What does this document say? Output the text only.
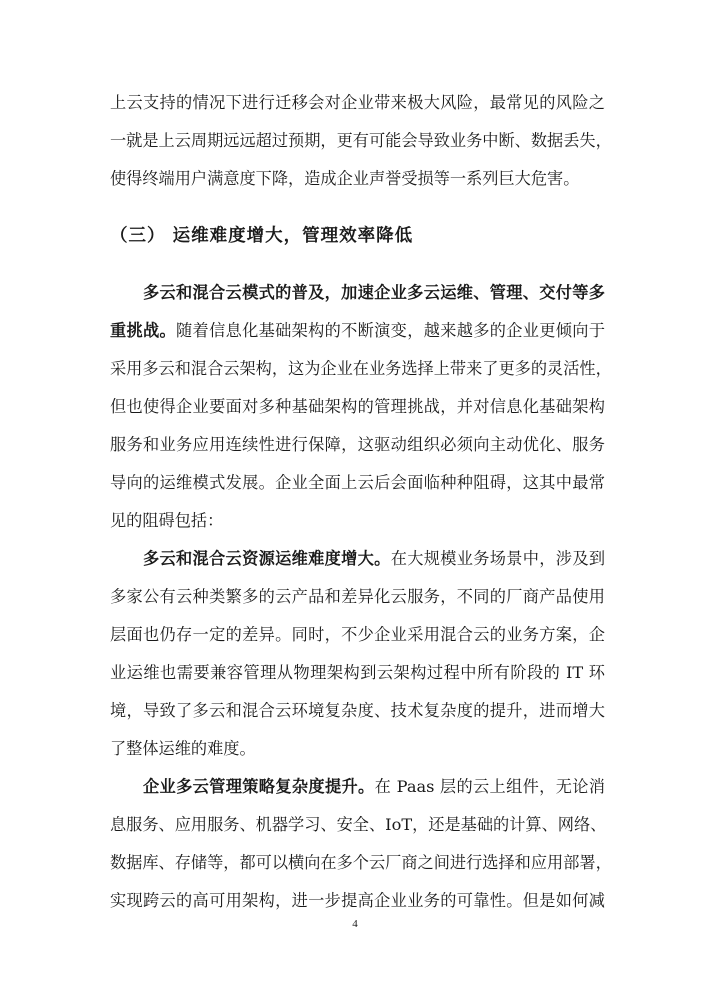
上云支持的情况下进行迁移会对企业带来极大风险，最常见的风险之
一就是上云周期远远超过预期，更有可能会导致业务中断、数据丢失，
使得终端用户满意度下降，造成企业声誉受损等一系列巨大危害。
（三） 运维难度增大，管理效率降低
多云和混合云模式的普及，加速企业多云运维、管理、交付等多
重挑战。随着信息化基础架构的不断演变，越来越多的企业更倾向于
采用多云和混合云架构，这为企业在业务选择上带来了更多的灵活性，
但也使得企业要面对多种基础架构的管理挑战，并对信息化基础架构
服务和业务应用连续性进行保障，这驱动组织必须向主动优化、服务
导向的运维模式发展。企业全面上云后会面临种种阻碍，这其中最常
见的阻碍包括：
多云和混合云资源运维难度增大。在大规模业务场景中，涉及到
多家公有云种类繁多的云产品和差异化云服务，不同的厂商产品使用
层面也仍存一定的差异。同时，不少企业采用混合云的业务方案，企
业运维也需要兼容管理从物理架构到云架构过程中所有阶段的 IT 环
境，导致了多云和混合云环境复杂度、技术复杂度的提升，进而增大
了整体运维的难度。
企业多云管理策略复杂度提升。在 Paas 层的云上组件，无论消
息服务、应用服务、机器学习、安全、IoT，还是基础的计算、网络、
数据库、存储等，都可以横向在多个云厂商之间进行选择和应用部署，
实现跨云的高可用架构，进一步提高企业业务的可靠性。但是如何减
4
